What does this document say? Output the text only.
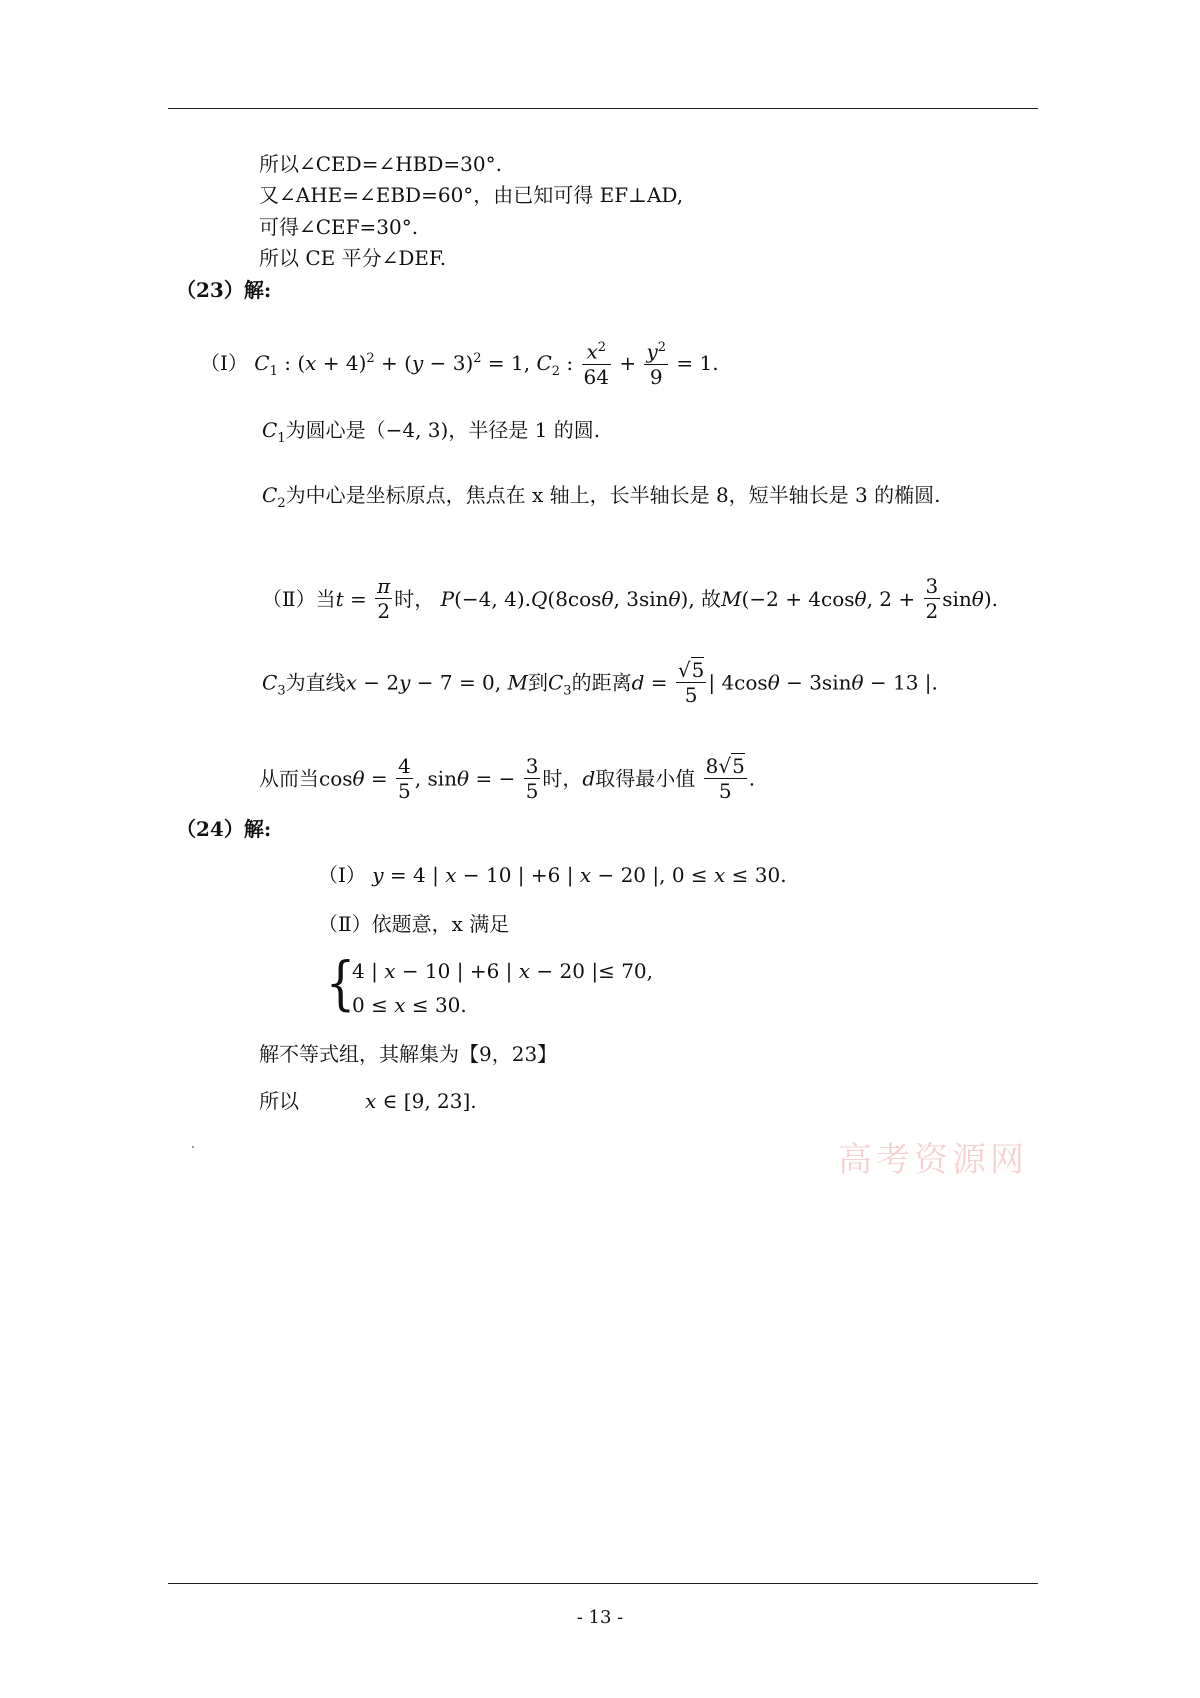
所以∠CED=∠HBD=30°.
又∠AHE=∠EBD=60°，由已知可得 EF⊥AD,
可得∠CEF=30°.
所以 CE 平分∠DEF.
（23）解:
（Ⅰ） $C_1$ : $(x + 4)^2 + (y - 3)^2 = 1$, $C_2$ : $\frac{x^2}{64} + \frac{y^2}{9} = 1$.
$C_1$为圆心是（−4, 3)，半径是 1 的圆.
$C_2$为中心是坐标原点，焦点在 x 轴上，长半轴长是 8，短半轴长是 3 的椭圆.
（Ⅱ）当$t = \frac{\pi}{2}$ 时， P(−4, 4).Q(8cosθ, 3sinθ), 故M(−2 + 4cosθ, $2 + \frac{3}{2} \sin\theta$).
$C_3$为直线x − 2y − 7 = 0, M到$C_3$的距离$d = \frac{√5}{5}$ | 4cosθ − 3sinθ − 13 |.
从而当$\cos\theta = \frac{4}{5}$ , sinθ = − $\frac{3}{5}$ 时，d取得最小值 $\frac{8√5}{5}$ .
（24）解:
（Ⅰ） y = 4 | x − 10 | +6 | x − 20 |, 0 ≤ x ≤ 30.
（Ⅱ）依题意，x 满足
{
4 | x − 10 | +6 | x − 20 |≤ 70,
0 ≤ x ≤ 30.
解不等式组，其解集为【9，23】
所以	x ∈ [9, 23].
高考资源网
- 13 -
